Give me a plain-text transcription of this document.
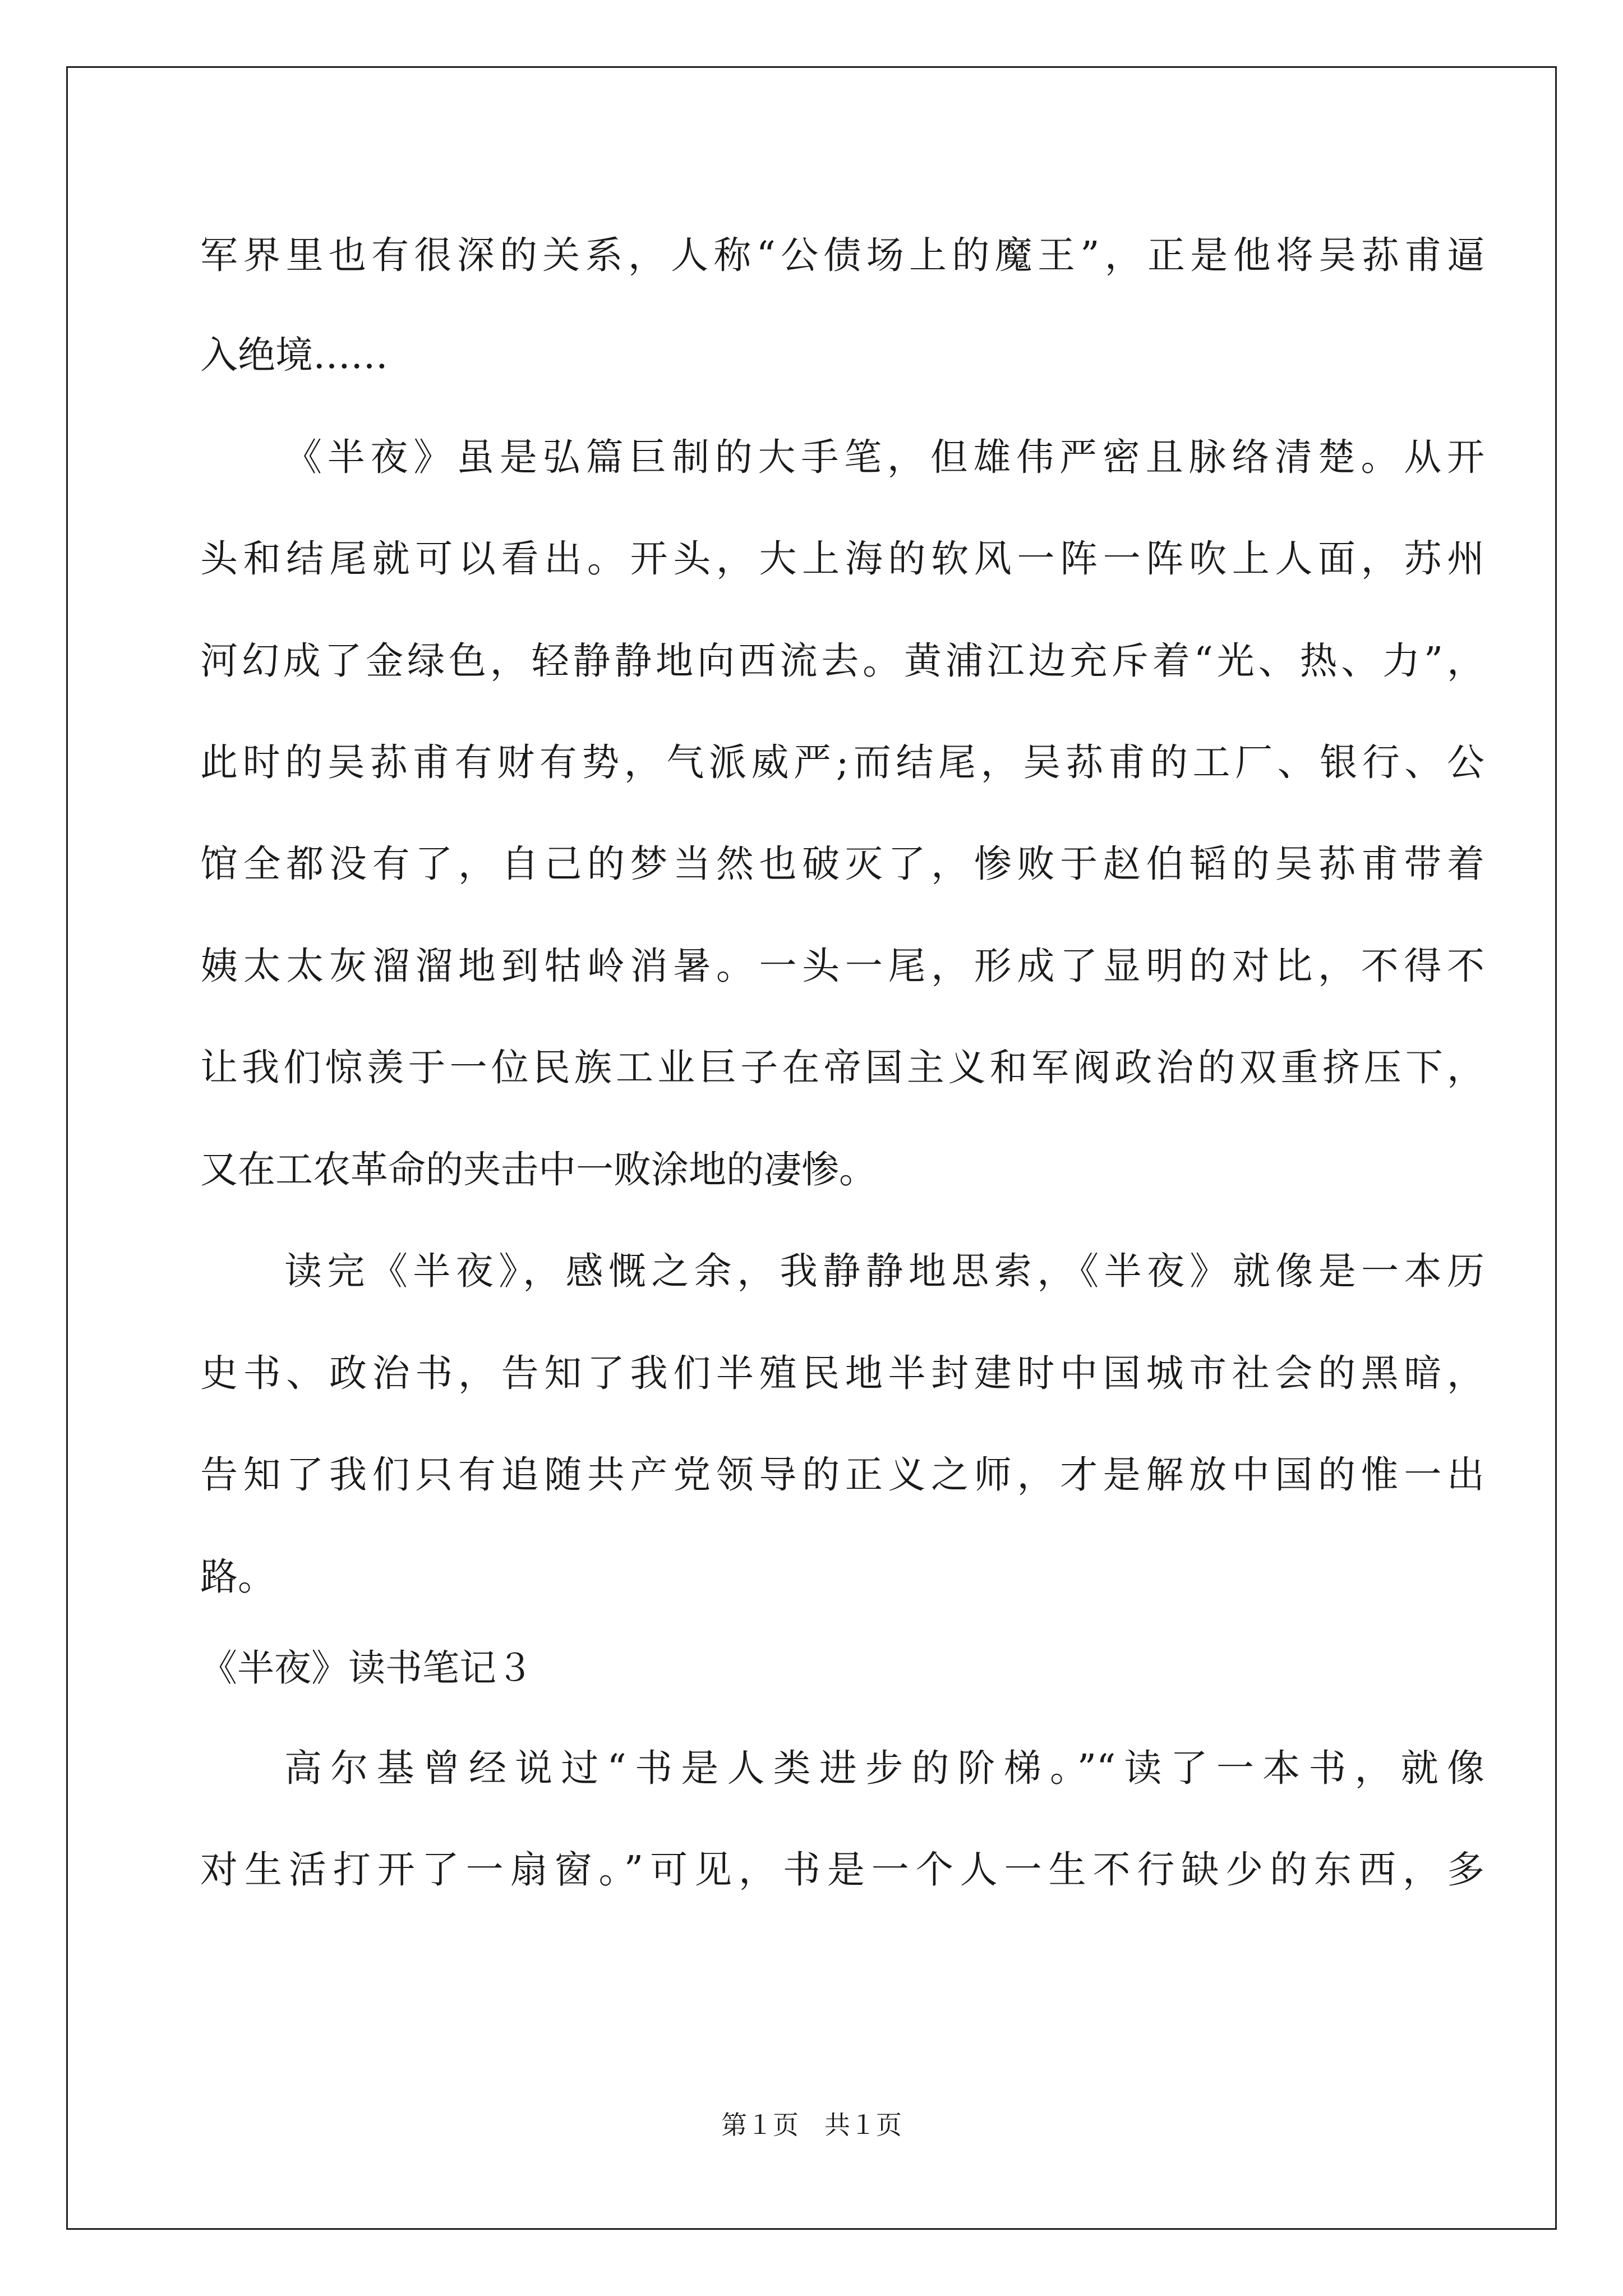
军界里也有很深的关系，人称“公债场上的魔王”，正是他将吴荪甫逼

入绝境……

《半夜》虽是弘篇巨制的大手笔，但雄伟严密且脉络清楚。从开

头和结尾就可以看出。开头，大上海的软风一阵一阵吹上人面，苏州

河幻成了金绿色，轻静静地向西流去。黄浦江边充斥着“光、热、力”，

此时的吴荪甫有财有势，气派威严;而结尾，吴荪甫的工厂、银行、公

馆全都没有了，自己的梦当然也破灭了，惨败于赵伯韬的吴荪甫带着

姨太太灰溜溜地到牯岭消暑。一头一尾，形成了显明的对比，不得不

让我们惊羡于一位民族工业巨子在帝国主义和军阀政治的双重挤压下，

又在工农革命的夹击中一败涂地的凄惨。

读完《半夜》，感慨之余，我静静地思索，《半夜》就像是一本历

史书、政治书，告知了我们半殖民地半封建时中国城市社会的黑暗，

告知了我们只有追随共产党领导的正义之师，才是解放中国的惟一出

路。

《半夜》读书笔记３

高尔基曾经说过“书是人类进步的阶梯。”“读了一本书，就像

对生活打开了一扇窗。”可见，书是一个人一生不行缺少的东西，多

第１页　共１页
